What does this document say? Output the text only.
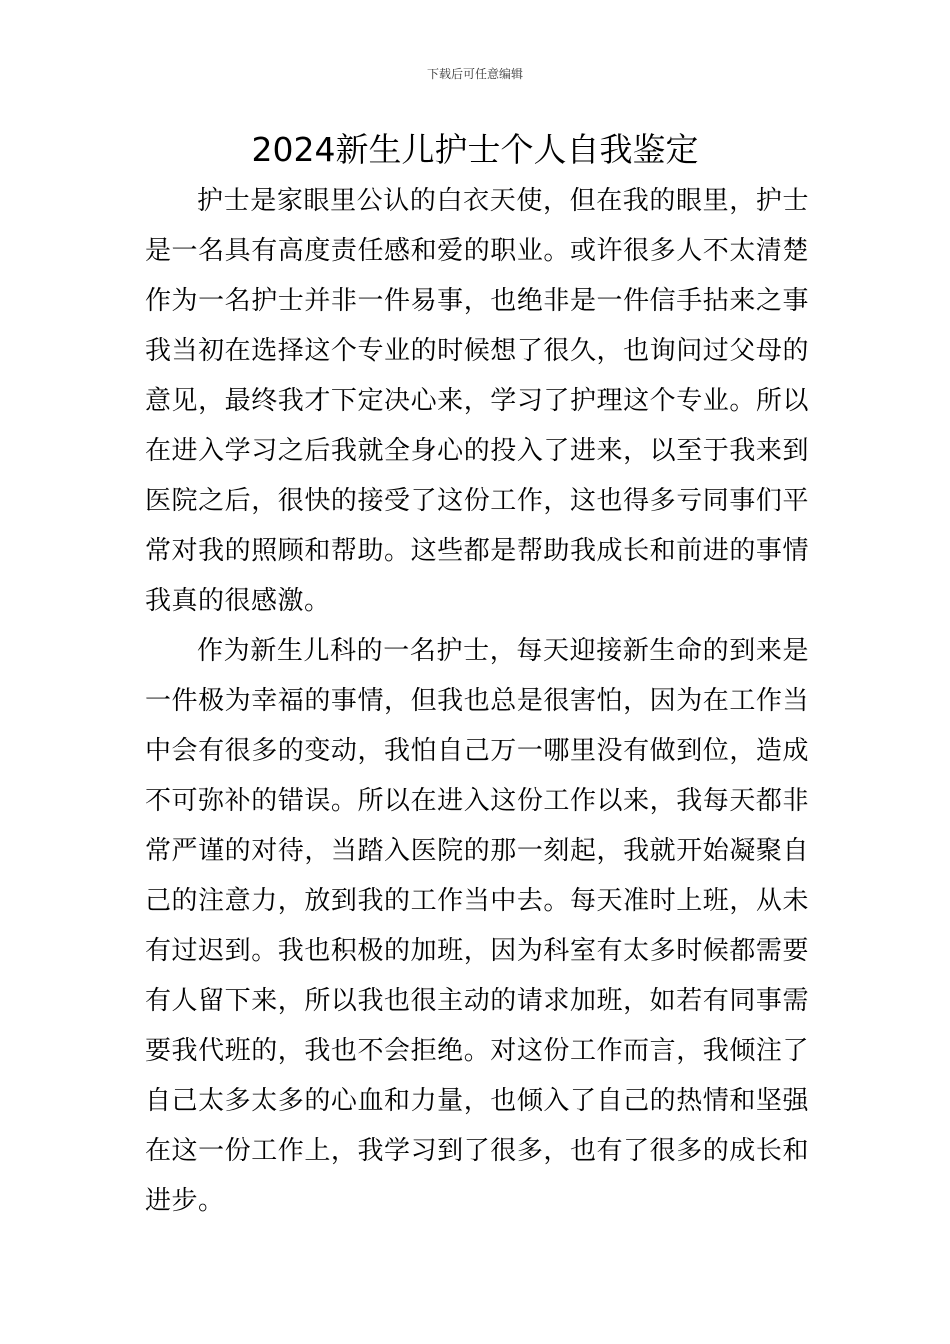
下载后可任意编辑
2024新生儿护士个人自我鉴定

护士是家眼里公认的白衣天使，但在我的眼里，护士是一名具有高度责任感和爱的职业。或许很多人不太清楚作为一名护士并非一件易事，也绝非是一件信手拈来之事我当初在选择这个专业的时候想了很久，也询问过父母的意见，最终我才下定决心来，学习了护理这个专业。所以在进入学习之后我就全身心的投入了进来，以至于我来到医院之后，很快的接受了这份工作，这也得多亏同事们平常对我的照顾和帮助。这些都是帮助我成长和前进的事情我真的很感激。

作为新生儿科的一名护士，每天迎接新生命的到来是一件极为幸福的事情，但我也总是很害怕，因为在工作当中会有很多的变动，我怕自己万一哪里没有做到位，造成不可弥补的错误。所以在进入这份工作以来，我每天都非常严谨的对待，当踏入医院的那一刻起，我就开始凝聚自己的注意力，放到我的工作当中去。每天准时上班，从未有过迟到。我也积极的加班，因为科室有太多时候都需要有人留下来，所以我也很主动的请求加班，如若有同事需要我代班的，我也不会拒绝。对这份工作而言，我倾注了自己太多太多的心血和力量，也倾入了自己的热情和坚强在这一份工作上，我学习到了很多，也有了很多的成长和进步。
